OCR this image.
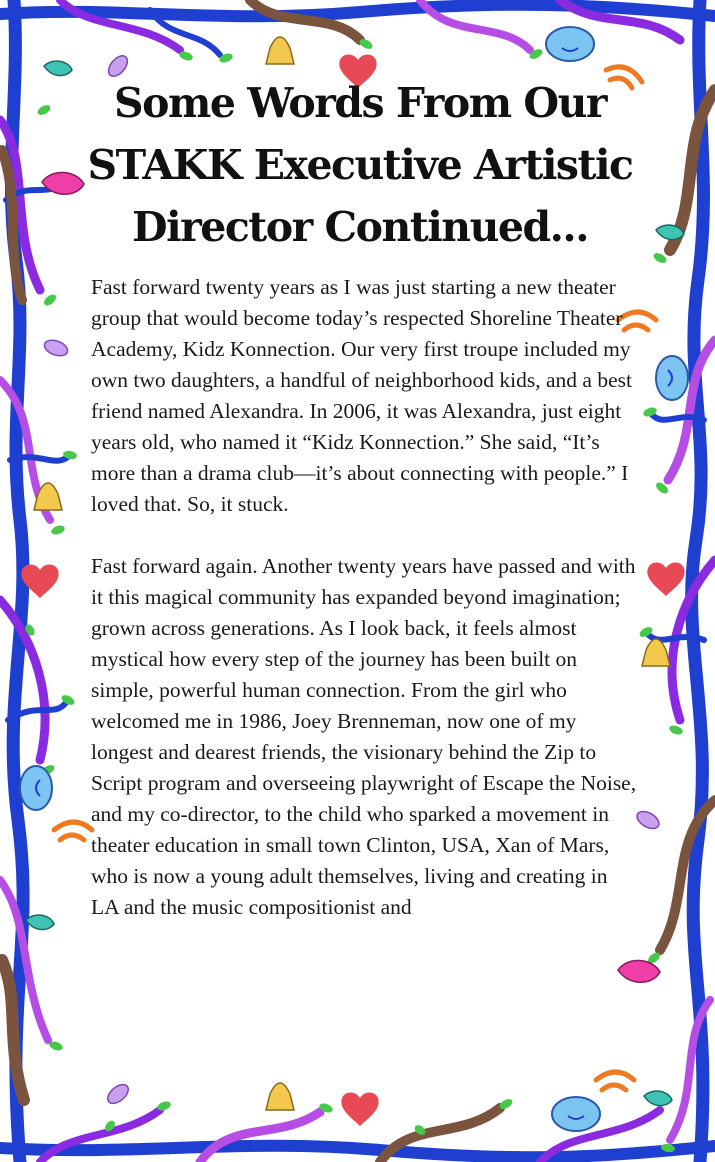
Some Words From Our STAKK Executive Artistic Director Continued...

Fast forward twenty years as I was just starting a new theater group that would become today’s respected Shoreline Theater Academy, Kidz Konnection. Our very first troupe included my own two daughters, a handful of neighborhood kids, and a best friend named Alexandra. In 2006, it was Alexandra, just eight years old, who named it “Kidz Konnection.” She said, “It’s more than a drama club—it’s about connecting with people.” I loved that. So, it stuck.

Fast forward again. Another twenty years have passed and with it this magical community has expanded beyond imagination; grown across generations. As I look back, it feels almost mystical how every step of the journey has been built on simple, powerful human connection. From the girl who welcomed me in 1986, Joey Brenneman, now one of my longest and dearest friends, the visionary behind the Zip to Script program and overseeing playwright of Escape the Noise, and my co-director, to the child who sparked a movement in theater education in small town Clinton, USA, Xan of Mars, who is now a young adult themselves, living and creating in LA and the music compositionist and
